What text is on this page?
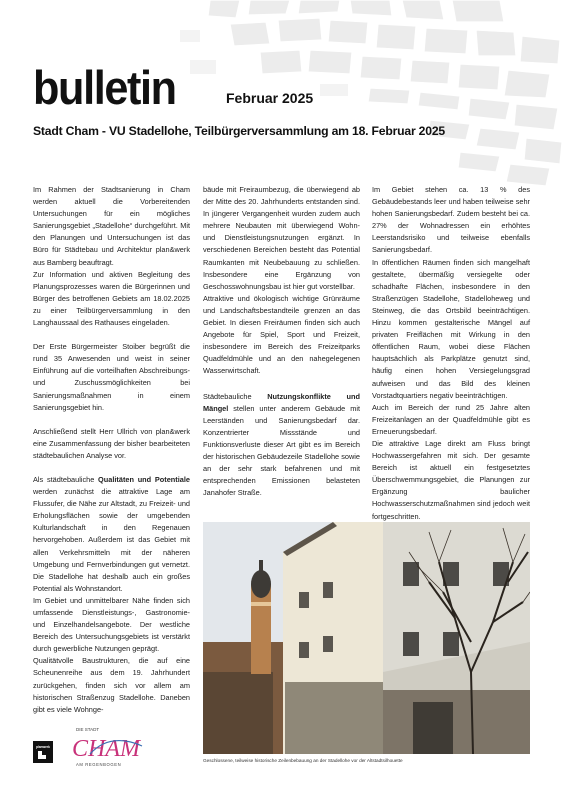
bulletin	Februar 2025
Stadt Cham - VU Stadellohe, Teilbürgerversammlung am 18. Februar 2025

Im Rahmen der Stadtsanierung in Cham werden aktuell die Vorbereitenden Untersuchungen für ein mögliches Sanierungsgebiet „Stadellohe“ durchgeführt. Mit den Planungen und Untersuchungen ist das Büro für Städtebau und Architektur plan&werk aus Bamberg beauftragt.

Zur Information und aktiven Begleitung des Planungsprozesses waren die Bürgerinnen und Bürger des betroffenen Gebiets am 18.02.2025 zu einer Teilbürgerversammlung in den Langhaussaal des Rathauses eingeladen.

Der Erste Bürgermeister Stoiber begrüßt die rund 35 Anwesenden und weist in seiner Einführung auf die vorteilhaften Abschreibungs- und Zuschussmöglichkeiten bei Sanierungsmaßnahmen in einem Sanierungsgebiet hin.

Anschließend stellt Herr Ullrich von plan&werk eine Zusammenfassung der bisher bearbeiteten städtebaulichen Analyse vor.

Als städtebauliche Qualitäten und Potentiale werden zunächst die attraktive Lage am Flussufer, die Nähe zur Altstadt, zu Freizeit- und Erholungsflächen sowie der umgebenden Kulturlandschaft in den Regenauen hervorgehoben. Außerdem ist das Gebiet mit allen Verkehrsmitteln mit der näheren Umgebung und Fernverbindungen gut vernetzt. Die Stadellohe hat deshalb auch ein großes Potential als Wohnstandort.

Im Gebiet und unmittelbarer Nähe finden sich umfassende Dienstleistungs-, Gastronomie- und Einzelhandelsangebote. Der westliche Bereich des Untersuchungsgebiets ist verstärkt durch gewerbliche Nutzungen geprägt.

Qualitätvolle Baustrukturen, die auf eine Scheunenreihe aus dem 19. Jahrhundert zurückgehen, finden sich vor allem am historischen Straßenzug Stadellohe. Daneben gibt es viele Wohnge-

bäude mit Freiraumbezug, die überwiegend ab der Mitte des 20. Jahrhunderts entstanden sind. In jüngerer Vergangenheit wurden zudem auch mehrere Neubauten mit überwiegend Wohn- und Dienstleistungsnutzungen ergänzt. In verschiedenen Bereichen besteht das Potential Raumkanten mit Neubebauung zu schließen. Insbesondere eine Ergänzung von Geschosswohnungsbau ist hier gut vorstellbar.

Attraktive und ökologisch wichtige Grünräume und Landschaftsbestandteile grenzen an das Gebiet. In diesen Freiräumen finden sich auch Angebote für Spiel, Sport und Freizeit, insbesondere im Bereich des Freizeitparks Quadfeldmühle und an den nahegelegenen Wasserwirtschaft.

Städtebauliche Nutzungskonflikte und Mängel stellen unter anderem Gebäude mit Leerständen und Sanierungsbedarf dar. Konzentrierter Missstände und Funktionsverluste dieser Art gibt es im Bereich der historischen Gebäudezeile Stadellohe sowie an der sehr stark befahrenen und mit entsprechenden Emissionen belasteten Janahofer Straße.

Im Gebiet stehen ca. 13 % des Gebäudebestands leer und haben teilweise sehr hohen Sanierungsbedarf. Zudem besteht bei ca. 27% der Wohnadressen ein erhöhtes Leerstandsrisiko und teilweise ebenfalls Sanierungsbedarf.

In öffentlichen Räumen finden sich mangelhaft gestaltete, übermäßig versiegelte oder schadhafte Flächen, insbesondere in den Straßenzügen Stadellohe, Stadelloheweg und Steinweg, die das Ortsbild beeinträchtigen. Hinzu kommen gestalterische Mängel auf privaten Freiflächen mit Wirkung in den öffentlichen Raum, wobei diese Flächen hauptsächlich als Parkplätze genutzt sind, häufig einen hohen Versiegelungsgrad aufweisen und das Bild des kleinen Vorstadtquartiers negativ beeinträchtigen.

Auch im Bereich der rund 25 Jahre alten Freizeitanlagen an der Quadfeldmühle gibt es Erneuerungsbedarf.

Die attraktive Lage direkt am Fluss bringt Hochwassergefahren mit sich. Der gesamte Bereich ist aktuell ein festgesetztes Überschwemmungsgebiet, die Planungen zur Ergänzung baulicher Hochwasserschutzmaßnahmen sind jedoch weit fortgeschritten.

Geschlossene, teilweise historische Zeilenbebauung an der Stadellohe vor der Altstadtsilhouette
planwerk
DIE STADT
CHAM
AM REGENBOGEN
